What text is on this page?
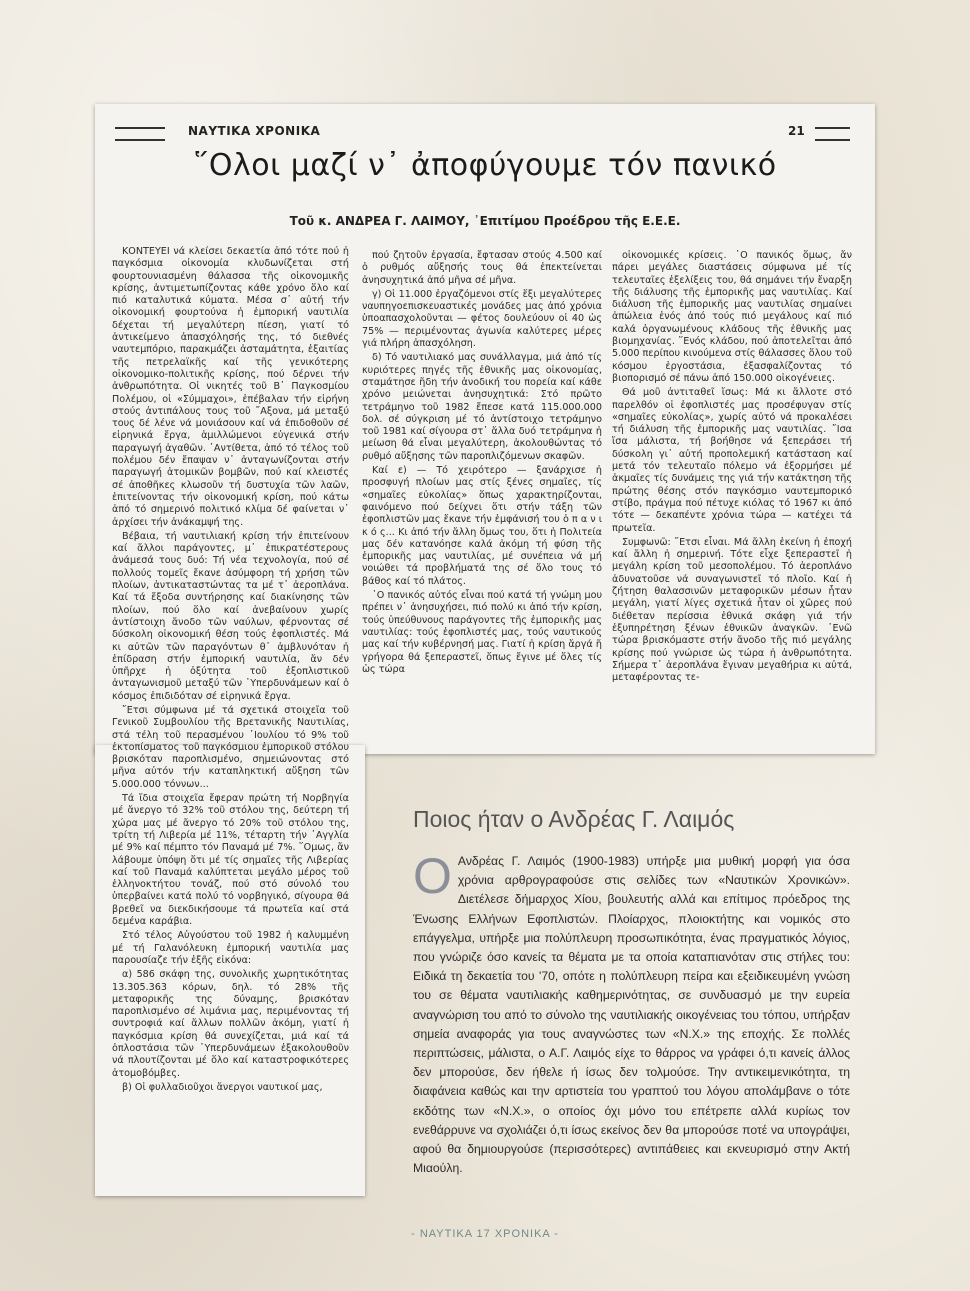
ΝΑΥΤΙΚΑ ΧΡΟΝΙΚΑ	21
῞Ολοι μαζί ν᾽ ἀποφύγουμε τόν πανικό
Τοῦ κ. ΑΝΔΡΕΑ Γ. ΛΑΙΜΟΥ, ᾿Επιτίμου Προέδρου τῆς Ε.Ε.Ε.

ΚΟΝΤΕΥΕΙ νά κλείσει δεκαετία ἀπό τότε πού ἡ παγκόσμια οἰκονομία κλυδωνίζεται στή φουρτουνιασμένη θάλασσα τῆς οἰκονομικῆς κρίσης, ἀντιμετωπίζοντας κάθε χρόνο ὅλο καί πιό καταλυτικά κύματα. Μέσα σ᾽ αὐτή τήν οἰκονομική φουρτούνα ἡ ἐμπορική ναυτιλία δέχεται τή μεγαλύτερη πίεση, γιατί τό ἀντικείμενο ἀπασχόλησής της, τό διεθνές ναυτεμπόριο, παρακμάζει ἀσταμάτητα, ἐξαιτίας τῆς πετρελαϊκῆς καί τῆς γενικότερης οἰκονομικο-πολιτικῆς κρίσης, πού δέρνει τήν ἀνθρωπότητα. Οἱ νικητές τοῦ Β᾽ Παγκοσμίου Πολέμου, οἱ «Σύμμαχοι», ἐπέβαλαν τήν εἰρήνη στούς ἀντιπάλους τους τοῦ ῎Αξονα, μά μεταξύ τους δέ λένε νά μονιάσουν καί νά ἐπιδοθοῦν σέ εἰρηνικά ἔργα, ἁμιλλώμενοι εὐγενικά στήν παραγωγή ἀγαθῶν. ᾿Αντίθετα, ἀπό τό τέλος τοῦ πολέμου δέν ἔπαψαν ν᾽ ἀνταγωνίζονται στήν παραγωγή ἀτομικῶν βομβῶν, πού καί κλειστές σέ ἀποθῆκες κλωσοῦν τή δυστυχία τῶν λαῶν, ἐπιτείνοντας τήν οἰκονομική κρίση, πού κάτω ἀπό τό σημερινό πολιτικό κλίμα δέ φαίνεται ν᾽ ἀρχίσει τήν ἀνάκαμψή της.

Βέβαια, τή ναυτιλιακή κρίση τήν ἐπιτείνουν καί ἄλλοι παράγοντες, μ᾽ ἐπικρατέστερους ἀνάμεσά τους δυό: Τή νέα τεχνολογία, πού σέ πολλούς τομεῖς ἔκανε ἀσύμφορη τή χρήση τῶν πλοίων, ἀντικαταστώντας τα μέ τ᾽ ἀεροπλάνα. Καί τά ἔξοδα συντήρησης καί διακίνησης τῶν πλοίων, πού ὅλο καί ἀνεβαίνουν χωρίς ἀντίστοιχη ἄνοδο τῶν ναύλων, φέρνοντας σέ δύσκολη οἰκονομική θέση τούς ἐφοπλιστές. Μά κι αὐτῶν τῶν παραγόντων θ᾽ ἀμβλυνόταν ἡ ἐπίδραση στήν ἐμπορική ναυτιλία, ἄν δέν ὑπῆρχε ἡ ὀξύτητα τοῦ ἐξοπλιστικοῦ ἀνταγωνισμοῦ μεταξύ τῶν ῾Υπερδυνάμεων καί ὁ κόσμος ἐπιδιδόταν σέ εἰρηνικά ἔργα.

῎Ετσι σύμφωνα μέ τά σχετικά στοιχεῖα τοῦ Γενικοῦ Συμβουλίου τῆς Βρετανικῆς Ναυτιλίας, στά τέλη τοῦ περασμένου ᾿Ιουλίου τό 9% τοῦ ἐκτοπίσματος τοῦ παγκόσμιου ἐμπορικοῦ στόλου βρισκόταν παροπλισμένο, σημειώνοντας στό μῆνα αὐτόν τήν καταπληκτική αὔξηση τῶν 5.000.000 τόννων...

Τά ἴδια στοιχεῖα ἔφεραν πρώτη τή Νορβηγία μέ ἄνεργο τό 32% τοῦ στόλου της, δεύτερη τή χώρα μας μέ ἄνεργο τό 20% τοῦ στόλου της, τρίτη τή Λιβερία μέ 11%, τέταρτη τήν ᾿Αγγλία μέ 9% καί πέμπτο τόν Παναμά μέ 7%. ῞Ομως, ἄν λάβουμε ὑπόψη ὅτι μέ τίς σημαῖες τῆς Λιβερίας καί τοῦ Παναμά καλύπτεται μεγάλο μέρος τοῦ ἑλληνοκτήτου τονάζ, πού στό σύνολό του ὑπερβαίνει κατά πολύ τό νορβηγικό, σίγουρα θά βρεθεῖ να διεκδικήσουμε τά πρωτεῖα καί στά δεμένα καράβια.

Στό τέλος Αὐγούστου τοῦ 1982 ἡ καλυμμένη μέ τή Γαλανόλευκη ἐμπορική ναυτιλία μας παρουσίαζε τήν ἑξῆς εἰκόνα:

α) 586 σκάφη της, συνολικῆς χωρητικότητας 13.305.363 κόρων, δηλ. τό 28% τῆς μεταφορικῆς της δύναμης, βρισκόταν παροπλισμένο σέ λιμάνια μας, περιμένοντας τή συντροφιά καί ἄλλων πολλῶν ἀκόμη, γιατί ἡ παγκόσμια κρίση θά συνεχίζεται, μιά καί τά ὁπλοστάσια τῶν ῾Υπερδυνάμεων ἐξακολουθοῦν νά πλουτίζονται μέ ὅλο καί καταστροφικότερες ἀτομοβόμβες.

β) Οἱ φυλλαδιοῦχοι ἄνεργοι ναυτικοί μας,

πού ζητοῦν ἐργασία, ἔφτασαν στούς 4.500 καί ὁ ρυθμός αὔξησής τους θά ἐπεκτείνεται ἀνησυχητικά ἀπό μῆνα σέ μῆνα.

γ) Οἱ 11.000 ἐργαζόμενοι στίς ἕξι μεγαλύτερες ναυπηγοεπισκευαστικές μονάδες μας ἀπό χρόνια ὑποαπασχολοῦνται — φέτος δουλεύουν οἱ 40 ὡς 75% — περιμένοντας ἀγωνία καλύτερες μέρες γιά πλήρη ἀπασχόληση.

δ) Τό ναυτιλιακό μας συνάλλαγμα, μιά ἀπό τίς κυριότερες πηγές τῆς ἐθνικῆς μας οἰκονομίας, σταμάτησε ἤδη τήν ἀνοδική του πορεία καί κάθε χρόνο μειώνεται ἀνησυχητικά: Στό πρῶτο τετράμηνο τοῦ 1982 ἔπεσε κατά 115.000.000 δολ. σέ σύγκριση μέ τό ἀντίστοιχο τετράμηνο τοῦ 1981 καί σίγουρα στ᾽ ἄλλα δυό τετράμηνα ἡ μείωση θά εἶναι μεγαλύτερη, ἀκολουθώντας τό ρυθμό αὔξησης τῶν παροπλιζόμενων σκαφῶν.

Καί ε) — Τό χειρότερο — ξανάρχισε ἡ προσφυγή πλοίων μας στίς ξένες σημαῖες, τίς «σημαῖες εὐκολίας» ὅπως χαρακτηρίζονται, φαινόμενο πού δείχνει ὅτι στήν τάξη τῶν ἐφοπλιστῶν μας ἔκανε τήν ἐμφάνισή του ὁ π α ν ι κ ό ς... Κι ἀπό τήν ἄλλη ὅμως του, ὅτι ἡ Πολιτεία μας δέν κατανόησε καλά ἀκόμη τή φύση τῆς ἐμπορικῆς μας ναυτιλίας, μέ συνέπεια νά μή νοιώθει τά προβλήματά της σέ ὅλο τους τό βάθος καί τό πλάτος.

῾Ο πανικός αὐτός εἶναι πού κατά τή γνώμη μου πρέπει ν᾽ ἀνησυχήσει, πιό πολύ κι ἀπό τήν κρίση, τούς ὑπεύθυνους παράγοντες τῆς ἐμπορικῆς μας ναυτιλίας: τούς ἐφοπλιστές μας, τούς ναυτικούς μας καί τήν κυβέρνησή μας. Γιατί ἡ κρίση ἄργά ἤ γρήγορα θά ξεπεραστεῖ, ὅπως ἔγινε μέ ὅλες τίς ὡς τώρα

οἰκονομικές κρίσεις. ῾Ο πανικός ὅμως, ἄν πάρει μεγάλες διαστάσεις σύμφωνα μέ τίς τελευταῖες ἐξελίξεις του, θά σημάνει τήν ἔναρξη τῆς διάλυσης τῆς ἐμπορικῆς μας ναυτιλίας. Καί διάλυση τῆς ἐμπορικῆς μας ναυτιλίας σημαίνει ἀπώλεια ἑνός ἀπό τούς πιό μεγάλους καί πιό καλά ὀργανωμένους κλάδους τῆς ἐθνικῆς μας βιομηχανίας. ῞Ενός κλάδου, πού ἀποτελεῖται ἀπό 5.000 περίπου κινούμενα στίς θάλασσες ὅλου τοῦ κόσμου ἐργοστάσια, ἐξασφαλίζοντας τό βιοπορισμό σέ πάνω ἀπό 150.000 οἰκογένειες.

Θά μοῦ ἀντιταθεῖ ἴσως: Μά κι ἄλλοτε στό παρελθόν οἱ ἐφοπλιστές μας προσέφυγαν στίς «σημαῖες εὐκολίας», χωρίς αὐτό νά προκαλέσει τή διάλυση τῆς ἐμπορικῆς μας ναυτιλίας. ῎Ισα ἴσα μάλιστα, τή βοήθησε νά ξεπεράσει τή δύσκολη γι᾽ αὐτή προπολεμική κατάσταση καί μετά τόν τελευταῖο πόλεμο νά ἐξορμήσει μέ ἀκμαῖες τίς δυνάμεις της γιά τήν κατάκτηση τῆς πρώτης θέσης στόν παγκόσμιο ναυτεμπορικό στίβο, πράγμα πού πέτυχε κιόλας τό 1967 κι ἀπό τότε — δεκαπέντε χρόνια τώρα — κατέχει τά πρωτεῖα.

Συμφωνῶ: ῎Ετσι εἶναι. Μά ἄλλη ἐκείνη ἡ ἐποχή καί ἄλλη ἡ σημερινή. Τότε εἶχε ξεπεραστεῖ ἡ μεγάλη κρίση τοῦ μεσοπολέμου. Τό ἀεροπλάνο ἀδυνατοῦσε νά συναγωνιστεῖ τό πλοῖο. Καί ἡ ζήτηση θαλασσινῶν μεταφορικῶν μέσων ἦταν μεγάλη, γιατί λίγες σχετικά ἦταν οἱ χῶρες πού διέθεταν περίσσια ἐθνικά σκάφη γιά τήν ἐξυπηρέτηση ξένων ἐθνικῶν ἀναγκῶν. ᾿Ενῶ τώρα βρισκόμαστε στήν ἄνοδο τῆς πιό μεγάλης κρίσης πού γνώρισε ὡς τώρα ἡ ἀνθρωπότητα. Σήμερα τ᾽ ἀεροπλάνα ἔγιναν μεγαθήρια κι αὐτά, μεταφέροντας τε-

Ποιος ήταν ο Ανδρέας Γ. Λαιμός

Ο Ανδρέας Γ. Λαιμός (1900-1983) υπήρξε μια μυθική μορφή για όσα χρόνια αρθρογραφούσε στις σελίδες των «Ναυτικών Χρονικών». Διετέλεσε δήμαρχος Χίου, βουλευτής αλλά και επίτιμος πρόεδρος της Ένωσης Ελλήνων Εφοπλιστών. Πλοίαρχος, πλοιοκτήτης και νομικός στο επάγγελμα, υπήρξε μια πολύπλευρη προσωπικότητα, ένας πραγματικός λόγιος, που γνώριζε όσο κανείς τα θέματα με τα οποία καταπιανόταν στις στήλες του: Ειδικά τη δεκαετία του '70, οπότε η πολύπλευρη πείρα και εξειδικευμένη γνώση του σε θέματα ναυτιλιακής καθημερινότητας, σε συνδυασμό με την ευρεία αναγνώριση του από το σύνολο της ναυτιλιακής οικογένειας του τόπου, υπήρξαν σημεία αναφοράς για τους αναγνώστες των «Ν.Χ.» της εποχής. Σε πολλές περιπτώσεις, μάλιστα, ο Α.Γ. Λαιμός είχε το θάρρος να γράφει ό,τι κανείς άλλος δεν μπορούσε, δεν ήθελε ή ίσως δεν τολμούσε. Την αντικειμενικότητα, τη διαφάνεια καθώς και την αρτιστεία του γραπτού του λόγου απολάμβανε ο τότε εκδότης των «Ν.Χ.», ο οποίος όχι μόνο του επέτρεπε αλλά κυρίως τον ενεθάρρυνε να σχολιάζει ό,τι ίσως εκείνος δεν θα μπορούσε ποτέ να υπογράψει, αφού θα δημιουργούσε (περισσότερες) αντιπάθειες και εκνευρισμό στην Ακτή Μιαούλη.

- ΝΑΥΤΙΚΑ 17 ΧΡΟΝΙΚΑ -
